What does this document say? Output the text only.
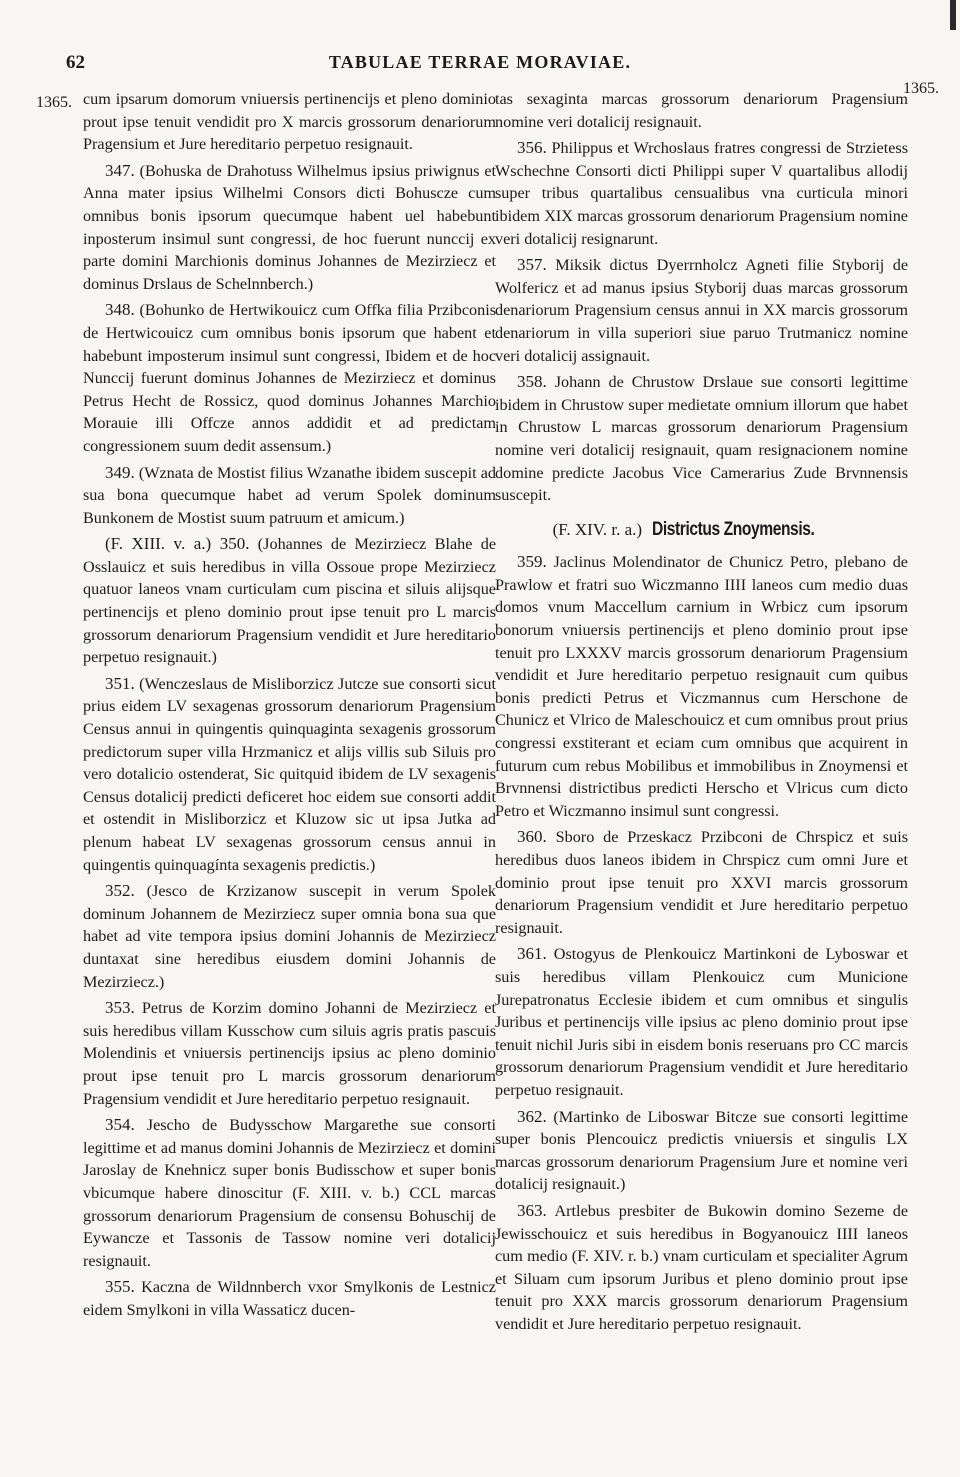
62	TABULAE TERRAE MORAVIAE.
1365.
1365.

cum ipsarum domorum vniuersis pertinencijs et pleno dominio prout ipse tenuit vendidit pro X marcis grossorum denariorum Pragensium et Jure hereditario perpetuo resignauit.

347. (Bohuska de Drahotuss Wilhelmus ipsius priwignus et Anna mater ipsius Wilhelmi Consors dicti Bohuscze cum omnibus bonis ipsorum quecumque habent uel habebunt inposterum insimul sunt congressi, de hoc fuerunt nunccij ex parte domini Marchionis dominus Johannes de Mezirziecz et dominus Drslaus de Schelnnberch.)

348. (Bohunko de Hertwikouicz cum Offka filia Przibconis de Hertwicouicz cum omnibus bonis ipsorum que habent et habebunt imposterum insimul sunt congressi, Ibidem et de hoc Nunccij fuerunt dominus Johannes de Mezirziecz et dominus Petrus Hecht de Rossicz, quod dominus Johannes Marchio Morauie illi Offcze annos addidit et ad predictam congressionem suum dedit assensum.)

349. (Wznata de Mostist filius Wzanathe ibidem suscepit ad sua bona quecumque habet ad verum Spolek dominum Bunkonem de Mostist suum patruum et amicum.)

(F. XIII. v. a.) 350. (Johannes de Mezirziecz Blahe de Osslauicz et suis heredibus in villa Ossoue prope Mezirziecz quatuor laneos vnam curticulam cum piscina et siluis alijsque pertinencijs et pleno dominio prout ipse tenuit pro L marcis grossorum denariorum Pragensium vendidit et Jure hereditario perpetuo resignauit.)

351. (Wenczeslaus de Misliborzicz Jutcze sue consorti sicut prius eidem LV sexagenas grossorum denariorum Pragensium Census annui in quingentis quinquaginta sexagenis grossorum predictorum super villa Hrzmanicz et alijs villis sub Siluis pro vero dotalicio ostenderat, Sic quitquid ibidem de LV sexagenis Census dotalicij predicti deficeret hoc eidem sue consorti addit et ostendit in Misliborzicz et Kluzow sic ut ipsa Jutka ad plenum habeat LV sexagenas grossorum census annui in quingentis quinquagínta sexagenis predictis.)

352. (Jesco de Krzizanow suscepit in verum Spolek dominum Johannem de Mezirziecz super omnia bona sua que habet ad vite tempora ipsius domini Johannis de Mezirziecz duntaxat sine heredibus eiusdem domini Johannis de Mezirziecz.)

353. Petrus de Korzim domino Johanni de Mezirziecz et suis heredibus villam Kusschow cum siluis agris pratis pascuis Molendinis et vniuersis pertinencijs ipsius ac pleno dominio prout ipse tenuit pro L marcis grossorum denariorum Pragensium vendidit et Jure hereditario perpetuo resignauit.

354. Jescho de Budysschow Margarethe sue consorti legittime et ad manus domini Johannis de Mezirziecz et domini Jaroslay de Knehnicz super bonis Budisschow et super bonis vbicumque habere dinoscitur (F. XIII. v. b.) CCL marcas grossorum denariorum Pragensium de consensu Bohuschij de Eywancze et Tassonis de Tassow nomine veri dotalicij resignauit.

355. Kaczna de Wildnnberch vxor Smylkonis de Lestnicz eidem Smylkoni in villa Wassaticz ducen-

tas sexaginta marcas grossorum denariorum Pragensium nomine veri dotalicij resignauit.

356. Philippus et Wrchoslaus fratres congressi de Strzietess Wschechne Consorti dicti Philippi super V quartalibus allodij super tribus quartalibus censualibus vna curticula minori ibidem XIX marcas grossorum denariorum Pragensium nomine veri dotalicij resignarunt.

357. Miksik dictus Dyerrnholcz Agneti filie Styborij de Wolfericz et ad manus ipsius Styborij duas marcas grossorum denariorum Pragensium census annui in XX marcis grossorum denariorum in villa superiori siue paruo Trutmanicz nomine veri dotalicij assignauit.

358. Johann de Chrustow Drslaue sue consorti legittime ibidem in Chrustow super medietate omnium illorum que habet in Chrustow L marcas grossorum denariorum Pragensium nomine veri dotalicij resignauit, quam resignacionem nomine domine predicte Jacobus Vice Camerarius Zude Brvnnensis suscepit.

(F. XIV. r. a.) Districtus Znoymensis.

359. Jaclinus Molendinator de Chunicz Petro, plebano de Prawlow et fratri suo Wiczmanno IIII laneos cum medio duas domos vnum Maccellum carnium in Wrbicz cum ipsorum bonorum vniuersis pertinencijs et pleno dominio prout ipse tenuit pro LXXXV marcis grossorum denariorum Pragensium vendidit et Jure hereditario perpetuo resignauit cum quibus bonis predicti Petrus et Viczmannus cum Herschone de Chunicz et Vlrico de Maleschouicz et cum omnibus prout prius congressi exstiterant et eciam cum omnibus que acquirent in futurum cum rebus Mobilibus et immobilibus in Znoymensi et Brvnnensi districtibus predicti Herscho et Vlricus cum dicto Petro et Wiczmanno insimul sunt congressi.

360. Sboro de Przeskacz Przibconi de Chrspicz et suis heredibus duos laneos ibidem in Chrspicz cum omni Jure et dominio prout ipse tenuit pro XXVI marcis grossorum denariorum Pragensium vendidit et Jure hereditario perpetuo resignauit.

361. Ostogyus de Plenkouicz Martinkoni de Lyboswar et suis heredibus villam Plenkouicz cum Municione Jurepatronatus Ecclesie ibidem et cum omnibus et singulis Juribus et pertinencijs ville ipsius ac pleno dominio prout ipse tenuit nichil Juris sibi in eisdem bonis reseruans pro CC marcis grossorum denariorum Pragensium vendidit et Jure hereditario perpetuo resignauit.

362. (Martinko de Liboswar Bitcze sue consorti legittime super bonis Plencouicz predictis vniuersis et singulis LX marcas grossorum denariorum Pragensium Jure et nomine veri dotalicij resignauit.)

363. Artlebus presbiter de Bukowin domino Sezeme de Jewisschouicz et suis heredibus in Bogyanouicz IIII laneos cum medio (F. XIV. r. b.) vnam curticulam et specialiter Agrum et Siluam cum ipsorum Juribus et pleno dominio prout ipse tenuit pro XXX marcis grossorum denariorum Pragensium vendidit et Jure hereditario perpetuo resignauit.
